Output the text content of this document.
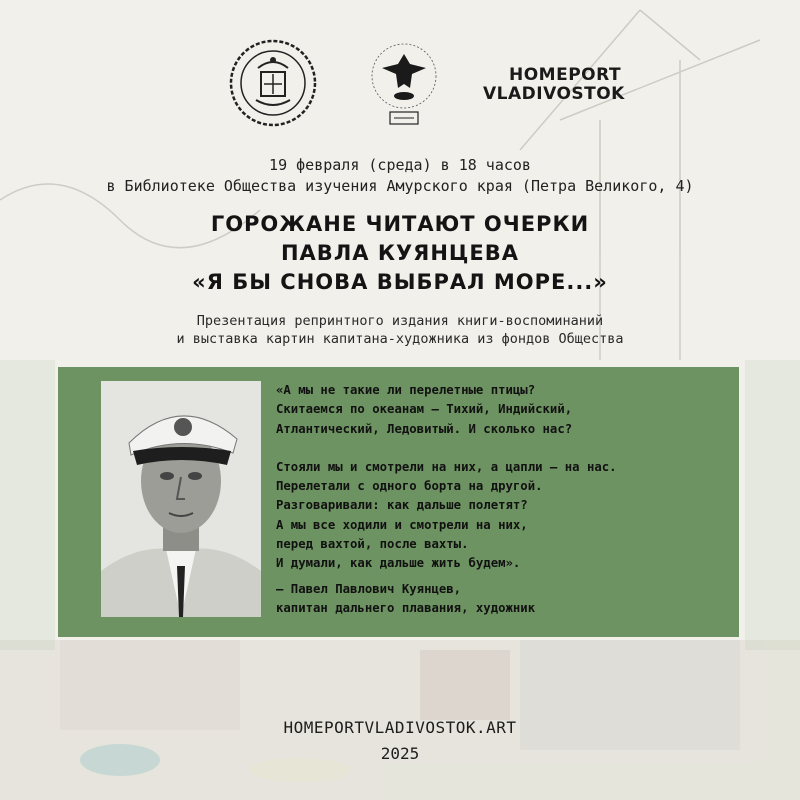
HOMEPORT
VLADIVOSTOK
19 февраля (среда) в 18 часов
в Библиотеке Общества изучения Амурского края (Петра Великого, 4)
ГОРОЖАНЕ ЧИТАЮТ ОЧЕРКИ
ПАВЛА КУЯНЦЕВА
«Я БЫ СНОВА ВЫБРАЛ МОРЕ...»
Презентация репринтного издания книги-воспоминаний
и выставка картин капитана-художника из фондов Общества
«А мы не такие ли перелетные птицы?
Скитаемся по океанам – Тихий, Индийский,
Атлантический, Ледовитый. И сколько нас?
Стояли мы и смотрели на них, а цапли – на нас.
Перелетали с одного борта на другой.
Разговаривали: как дальше полетят?
А мы все ходили и смотрели на них,
перед вахтой, после вахты.
И думали, как дальше жить будем».
– Павел Павлович Куянцев,
капитан дальнего плавания, художник
HOMEPORTVLADIVOSTOK.ART
2025
